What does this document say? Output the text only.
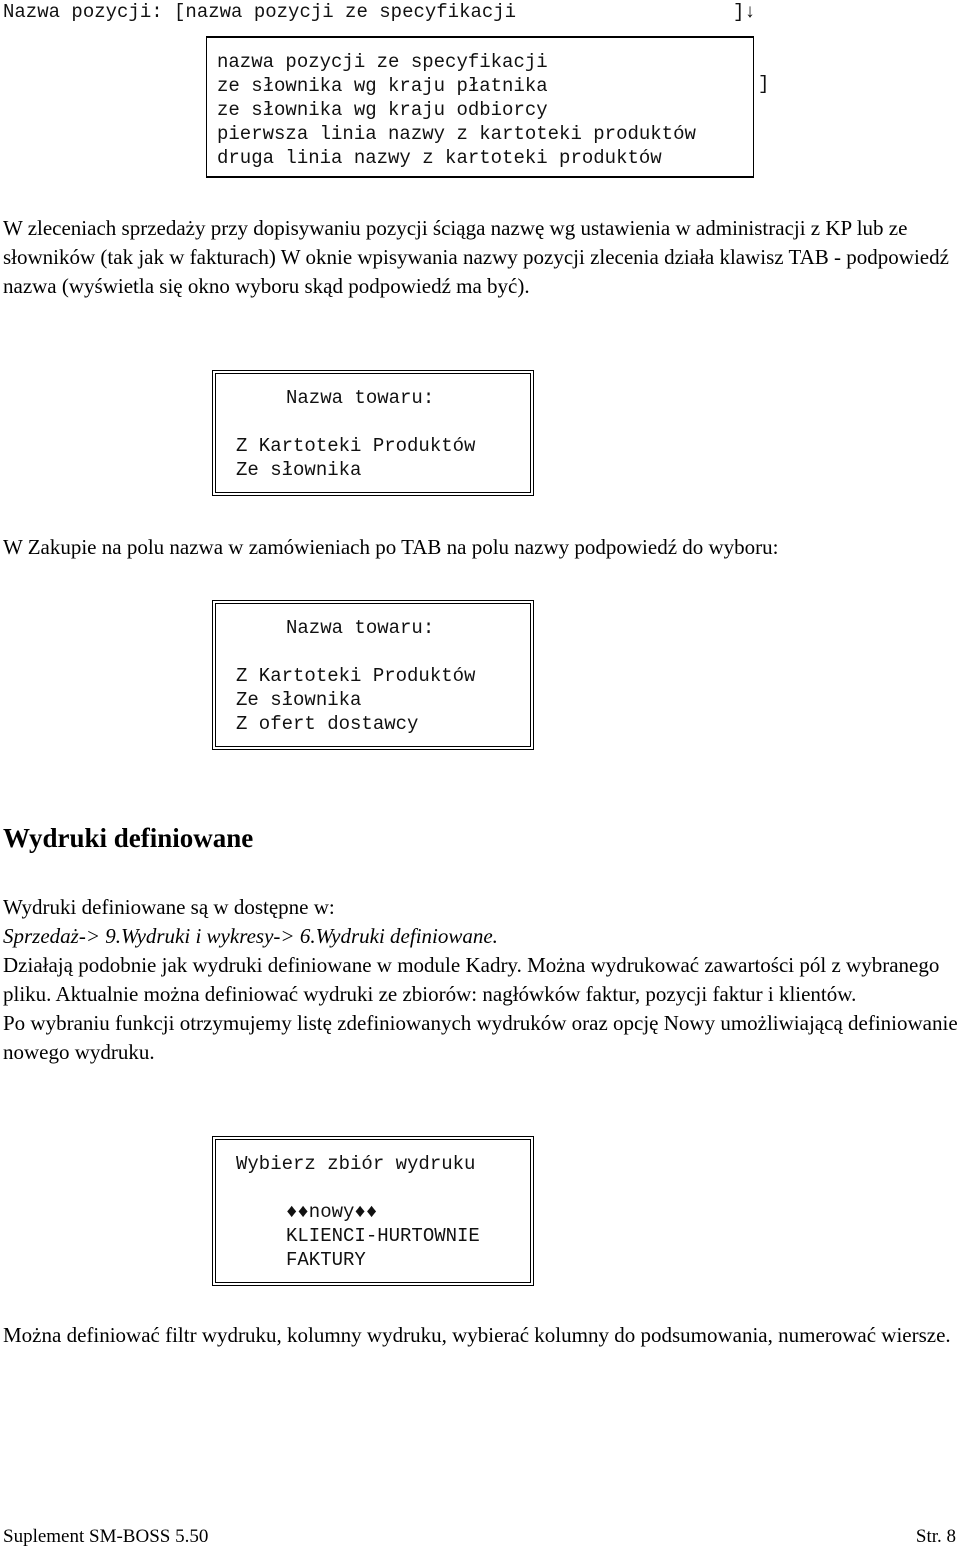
Nazwa pozycji: [nazwa pozycji ze specyfikacji	]↓
]
nazwa pozycji ze specyfikacji
ze słownika wg kraju płatnika
ze słownika wg kraju odbiorcy
pierwsza linia nazwy z kartoteki produktów
druga linia nazwy z kartoteki produktów

W zleceniach sprzedaży przy dopisywaniu pozycji ściąga nazwę wg ustawienia w administracji z KP lub ze słowników (tak jak w fakturach) W oknie wpisywania nazwy pozycji zlecenia działa klawisz TAB - podpowiedź nazwa (wyświetla się okno wyboru skąd podpowiedź ma być).

Nazwa towaru:
Z Kartoteki Produktów
Ze słownika

W Zakupie na polu nazwa w zamówieniach po TAB na polu nazwy podpowiedź do wyboru:

Nazwa towaru:
Z Kartoteki Produktów
Ze słownika
Z ofert dostawcy
Wydruki definiowane

Wydruki definiowane są w dostępne w:

Sprzedaż-> 9.Wydruki i wykresy-> 6.Wydruki definiowane.

Działają podobnie jak wydruki definiowane w module Kadry. Można wydrukować zawartości pól z wybranego pliku. Aktualnie można definiować wydruki ze zbiorów: nagłówków faktur, pozycji faktur i klientów.

Po wybraniu funkcji otrzymujemy listę zdefiniowanych wydruków oraz opcję Nowy umożliwiającą definiowanie nowego wydruku.

Wybierz zbiór wydruku
♦♦nowy♦♦
KLIENCI-HURTOWNIE
FAKTURY

Można definiować filtr wydruku, kolumny wydruku, wybierać kolumny do podsumowania, numerować wiersze.

Suplement SM-BOSS 5.50	Str. 8
